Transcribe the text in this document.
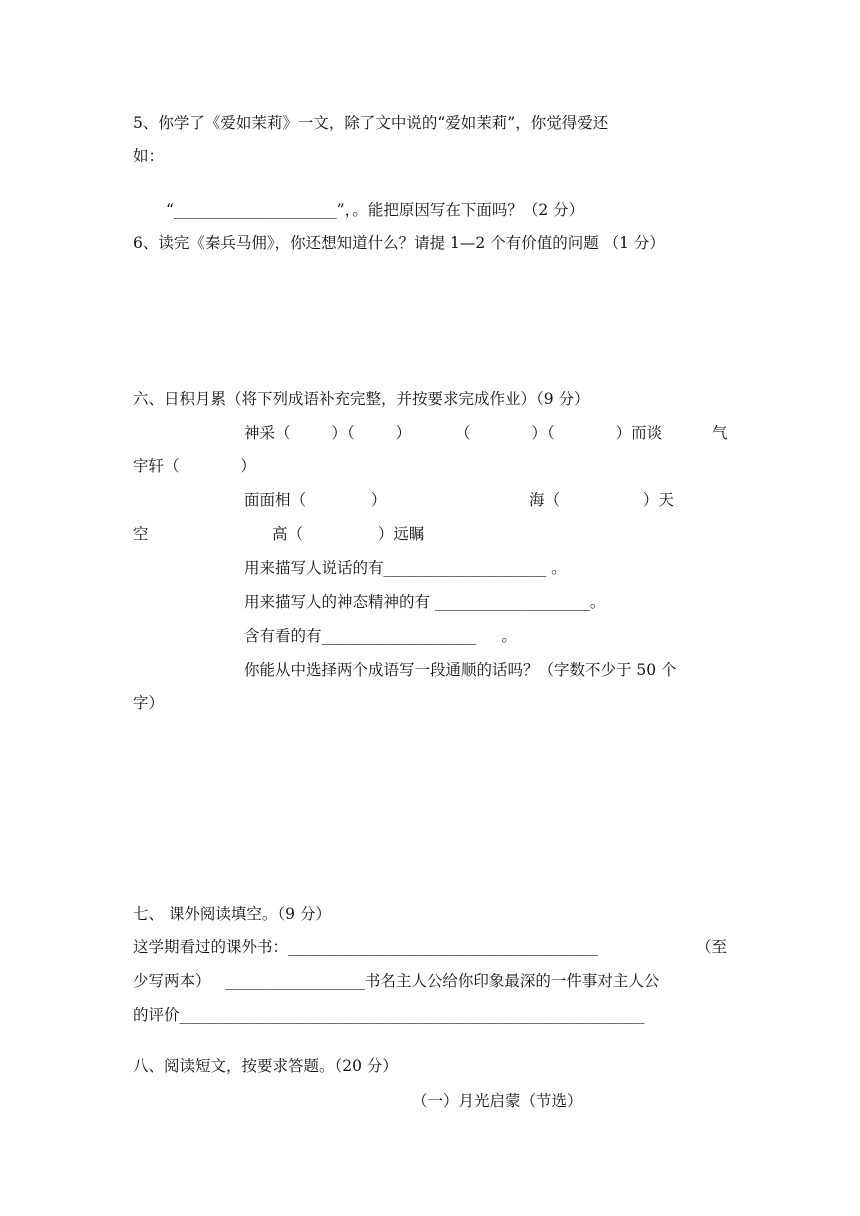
5、你学了《爱如茉莉》一文，除了文中说的“爱如茉莉”，你觉得爱还
如：
“_____________________”，。能把原因写在下面吗？（2 分）
6、读完《秦兵马佣》，你还想知道什么？请提 1—2 个有价值的问题 （1 分）
六、日积月累（将下列成语补充完整，并按要求完成作业）（9 分）
神采（ ）（ ）	（ ）（ ）而谈	气
宇轩（ ）
面面相（ ）	海（ ）天
空	高（ ）远瞩
用来描写人说话的有_____________________ 。
用来描写人的神态精神的有 ____________________。
含有看的有____________________ 。
你能从中选择两个成语写一段通顺的话吗？（字数不少于 50 个
字）
七、 课外阅读填空。（9 分）
这学期看过的课外书：________________________________________	（至
少写两本） __________________书名主人公给你印象最深的一件事对主人公
的评价____________________________________________________________
八、阅读短文，按要求答题。（20 分）
（一）月光启蒙（节选）
